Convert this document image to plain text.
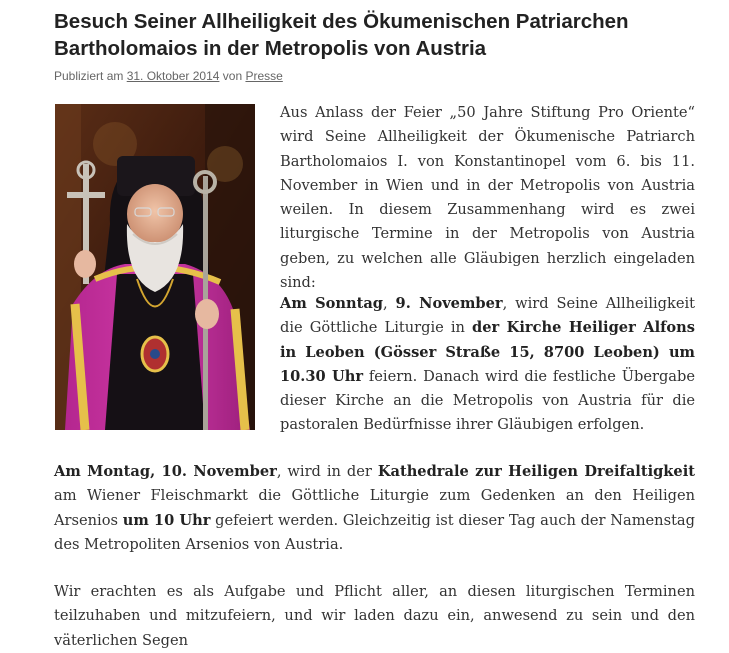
Besuch Seiner Allheiligkeit des Ökumenischen Patriarchen Bartholomaios in der Metropolis von Austria
Publiziert am 31. Oktober 2014 von Presse

Aus Anlass der Feier „50 Jahre Stiftung Pro Oriente“ wird Seine Allheiligkeit der Ökumenische Patriarch Bartholomaios I. von Konstantinopel vom 6. bis 11. November in Wien und in der Metropolis von Austria weilen. In diesem Zusammenhang wird es zwei liturgische Termine in der Metropolis von Austria geben, zu welchen alle Gläubigen herzlich eingeladen sind:

Am Sonntag, 9. November, wird Seine Allheiligkeit die Göttliche Liturgie in der Kirche Heiliger Alfons in Leoben (Gösser Straße 15, 8700 Leoben) um 10.30 Uhr feiern. Danach wird die festliche Übergabe dieser Kirche an die Metropolis von Austria für die pastoralen Bedürfnisse ihrer Gläubigen erfolgen.

Am Montag, 10. November, wird in der Kathedrale zur Heiligen Dreifaltigkeit am Wiener Fleischmarkt die Göttliche Liturgie zum Gedenken an den Heiligen Arsenios um 10 Uhr gefeiert werden. Gleichzeitig ist dieser Tag auch der Namenstag des Metropoliten Arsenios von Austria.

Wir erachten es als Aufgabe und Pflicht aller, an diesen liturgischen Terminen teilzuhaben und mitzufeiern, und wir laden dazu ein, anwesend zu sein und den väterlichen Segen
